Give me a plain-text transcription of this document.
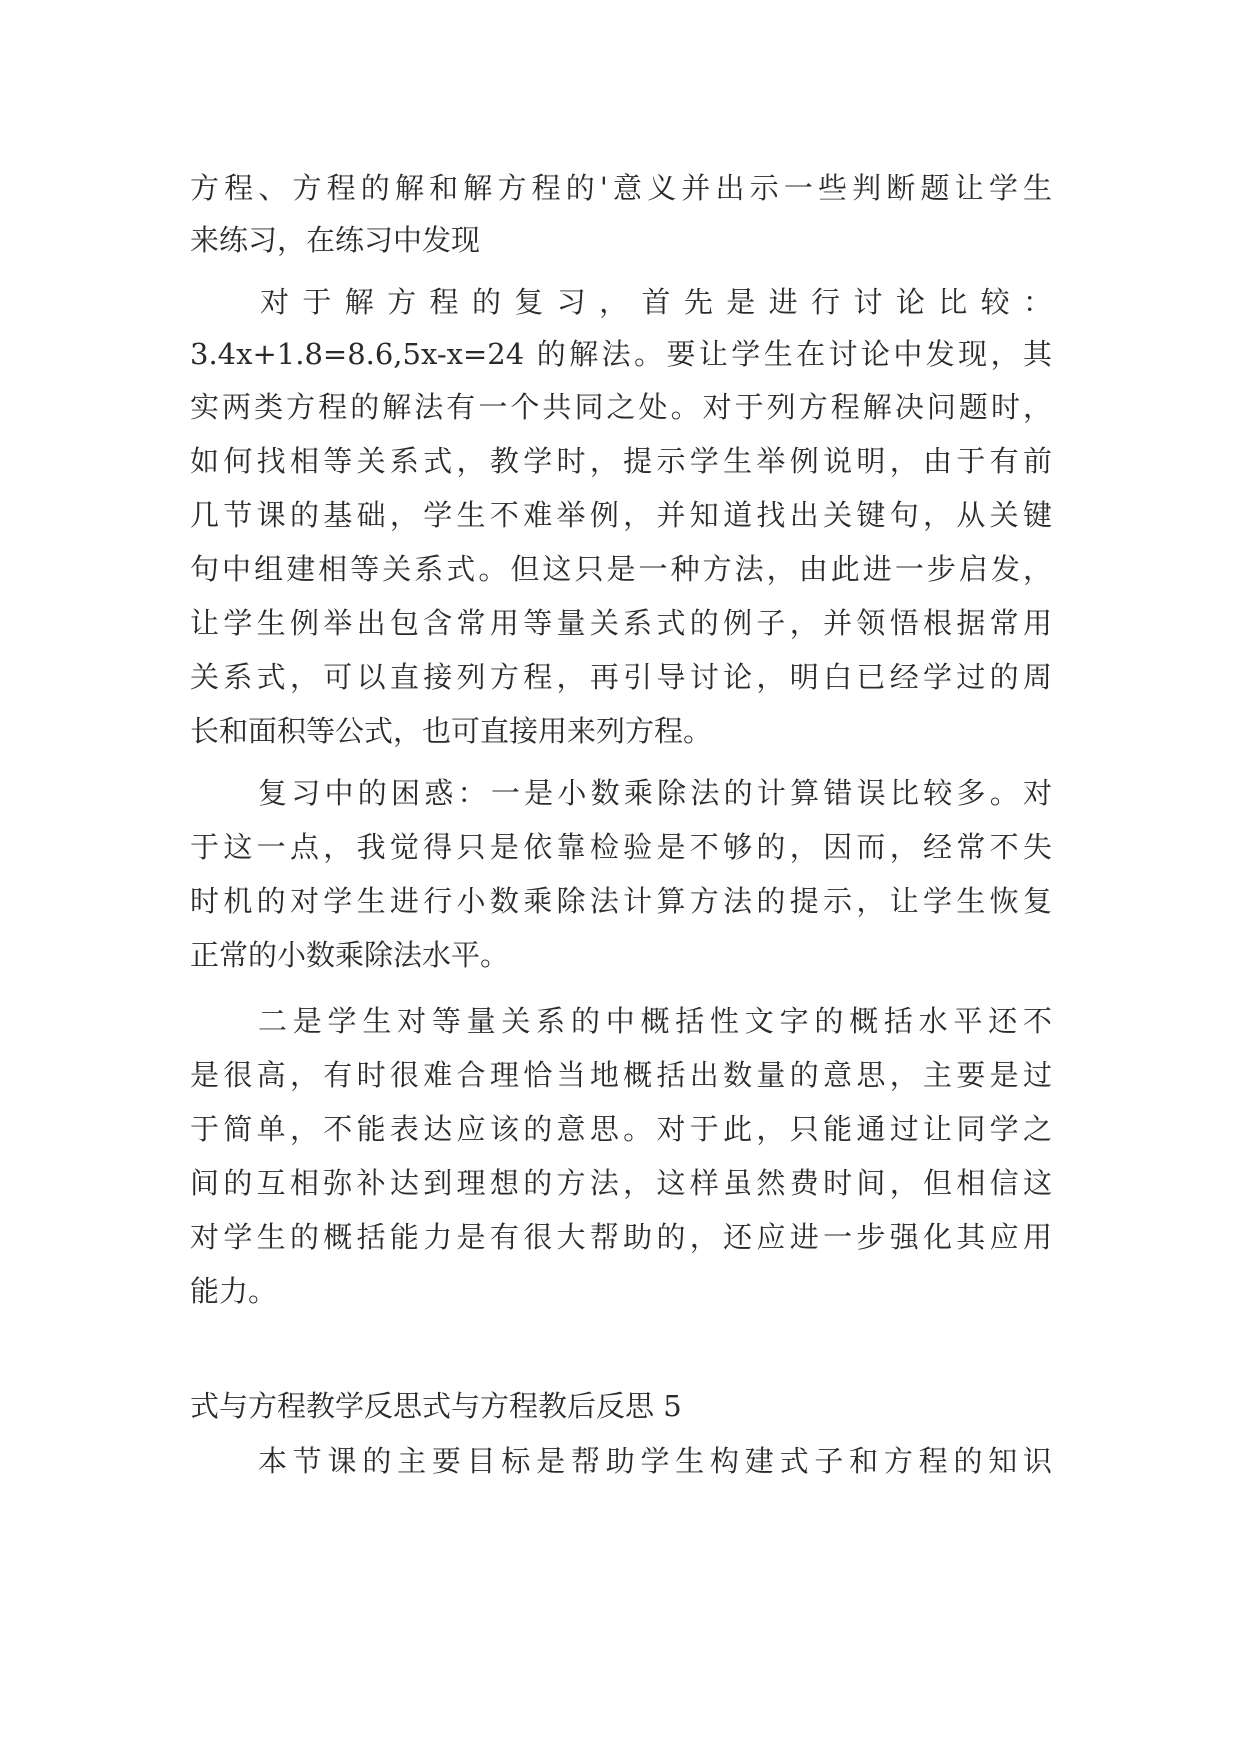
方程、方程的解和解方程的'意义并出示一些判断题让学生
来练习，在练习中发现
对 于 解 方 程 的 复 习 ， 首 先 是 进 行 讨 论 比 较 ：
3.4x+1.8=8.6,5x-x=24 的解法。要让学生在讨论中发现，其
实两类方程的解法有一个共同之处。对于列方程解决问题时，
如何找相等关系式，教学时，提示学生举例说明，由于有前
几节课的基础，学生不难举例，并知道找出关键句，从关键
句中组建相等关系式。但这只是一种方法，由此进一步启发，
让学生例举出包含常用等量关系式的例子，并领悟根据常用
关系式，可以直接列方程，再引导讨论，明白已经学过的周
长和面积等公式，也可直接用来列方程。
复习中的困惑：一是小数乘除法的计算错误比较多。对
于这一点，我觉得只是依靠检验是不够的，因而，经常不失
时机的对学生进行小数乘除法计算方法的提示，让学生恢复
正常的小数乘除法水平。
二是学生对等量关系的中概括性文字的概括水平还不
是很高，有时很难合理恰当地概括出数量的意思，主要是过
于简单，不能表达应该的意思。对于此，只能通过让同学之
间的互相弥补达到理想的方法，这样虽然费时间，但相信这
对学生的概括能力是有很大帮助的，还应进一步强化其应用
能力。
式与方程教学反思式与方程教后反思 5
本节课的主要目标是帮助学生构建式子和方程的知识
